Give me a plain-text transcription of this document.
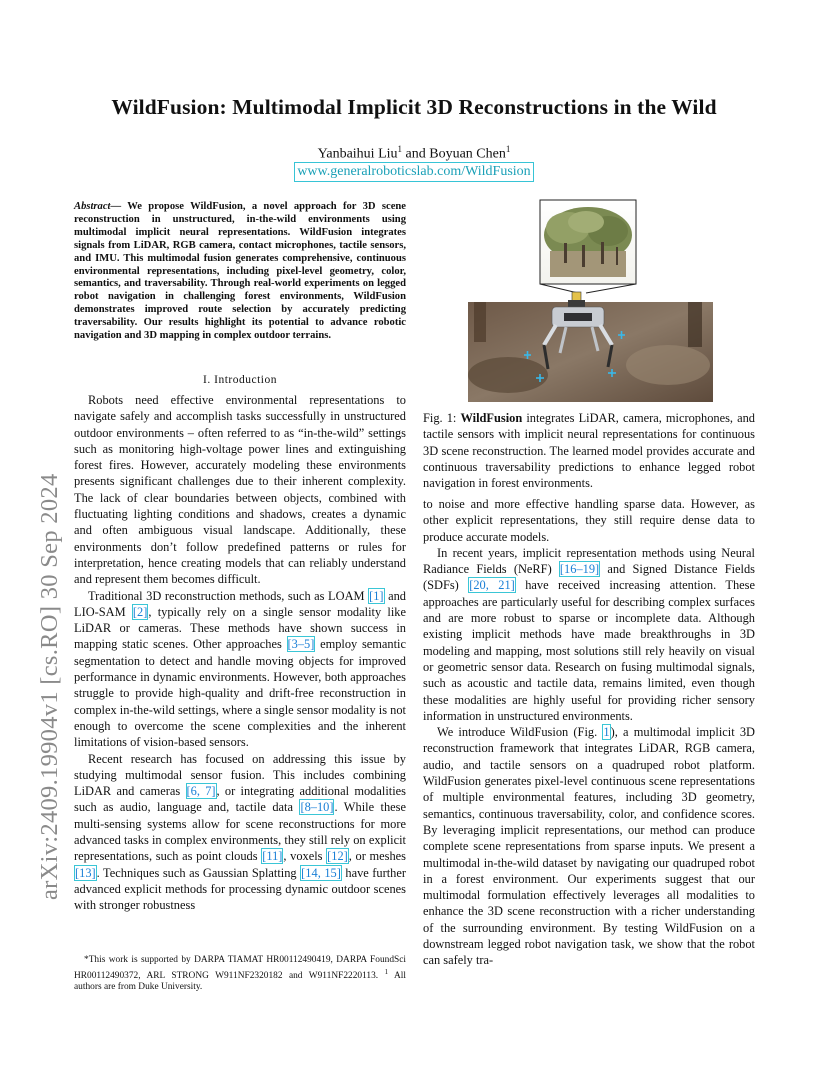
arXiv:2409.19904v1 [cs.RO] 30 Sep 2024
WildFusion: Multimodal Implicit 3D Reconstructions in the Wild
Yanbaihui Liu$^1$ and Boyuan Chen$^1$
www.generalroboticslab.com/WildFusion
Abstract— We propose WildFusion, a novel approach for 3D scene reconstruction in unstructured, in-the-wild environments using multimodal implicit neural representations. WildFusion integrates signals from LiDAR, RGB camera, contact microphones, tactile sensors, and IMU. This multimodal fusion generates comprehensive, continuous environmental representations, including pixel-level geometry, color, semantics, and traversability. Through real-world experiments on legged robot navigation in challenging forest environments, WildFusion demonstrates improved route selection by accurately predicting traversability. Our results highlight its potential to advance robotic navigation and 3D mapping in complex outdoor terrains.
I. Introduction

Robots need effective environmental representations to navigate safely and accomplish tasks successfully in unstructured outdoor environments – often referred to as “in-the-wild” settings such as monitoring high-voltage power lines and extinguishing forest fires. However, accurately modeling these environments presents significant challenges due to their inherent complexity. The lack of clear boundaries between objects, combined with fluctuating lighting conditions and shadows, creates a dynamic and often ambiguous visual landscape. Additionally, these environments don’t follow predefined patterns or rules for interpretation, hence creating models that can reliably understand and represent them becomes difficult.

Traditional 3D reconstruction methods, such as LOAM [1] and LIO-SAM [2], typically rely on a single sensor modality like LiDAR or cameras. These methods have shown success in mapping static scenes. Other approaches [3–5] employ semantic segmentation to detect and handle moving objects for improved performance in dynamic environments. However, both approaches struggle to provide high-quality and drift-free reconstruction in complex in-the-wild settings, where a single sensor modality is not enough to overcome the scene complexities and the inherent limitations of vision-based sensors.

Recent research has focused on addressing this issue by studying multimodal sensor fusion. This includes combining LiDAR and cameras [6, 7], or integrating additional modalities such as audio, language and, tactile data [8–10]. While these multi-sensing systems allow for scene reconstructions for more advanced tasks in complex environments, they still rely on explicit representations, such as point clouds [11], voxels [12], or meshes [13]. Techniques such as Gaussian Splatting [14, 15] have further advanced explicit methods for processing dynamic outdoor scenes with stronger robustness

*This work is supported by DARPA TIAMAT HR00112490419, DARPA FoundSci HR00112490372, ARL STRONG W911NF2320182 and W911NF2220113. $^1$ All authors are from Duke University.

Fig. 1: WildFusion integrates LiDAR, camera, microphones, and tactile sensors with implicit neural representations for continuous 3D scene reconstruction. The learned model provides accurate and continuous traversability predictions to enhance legged robot navigation in forest environments.

to noise and more effective handling sparse data. However, as other explicit representations, they still require dense data to produce accurate models.

In recent years, implicit representation methods using Neural Radiance Fields (NeRF) [16–19] and Signed Distance Fields (SDFs) [20, 21] have received increasing attention. These approaches are particularly useful for describing complex surfaces and are more robust to sparse or incomplete data. Although existing implicit methods have made breakthroughs in 3D modeling and mapping, most solutions still rely heavily on visual or geometric sensor data. Research on fusing multimodal signals, such as acoustic and tactile data, remains limited, even though these modalities are highly useful for providing richer sensory information in unstructured environments.

We introduce WildFusion (Fig. 1), a multimodal implicit 3D reconstruction framework that integrates LiDAR, RGB camera, audio, and tactile sensors on a quadruped robot platform. WildFusion generates pixel-level continuous scene representations of multiple environmental features, including 3D geometry, semantics, continuous traversability, color, and confidence scores. By leveraging implicit representations, our method can produce complete scene representations from sparse inputs. We present a multimodal in-the-wild dataset by navigating our quadruped robot in a forest environment. Our experiments suggest that our multimodal formulation effectively leverages all modalities to enhance the 3D scene reconstruction with a richer understanding of the surrounding environment. By testing WildFusion on a downstream legged robot navigation task, we show that the robot can safely tra-
